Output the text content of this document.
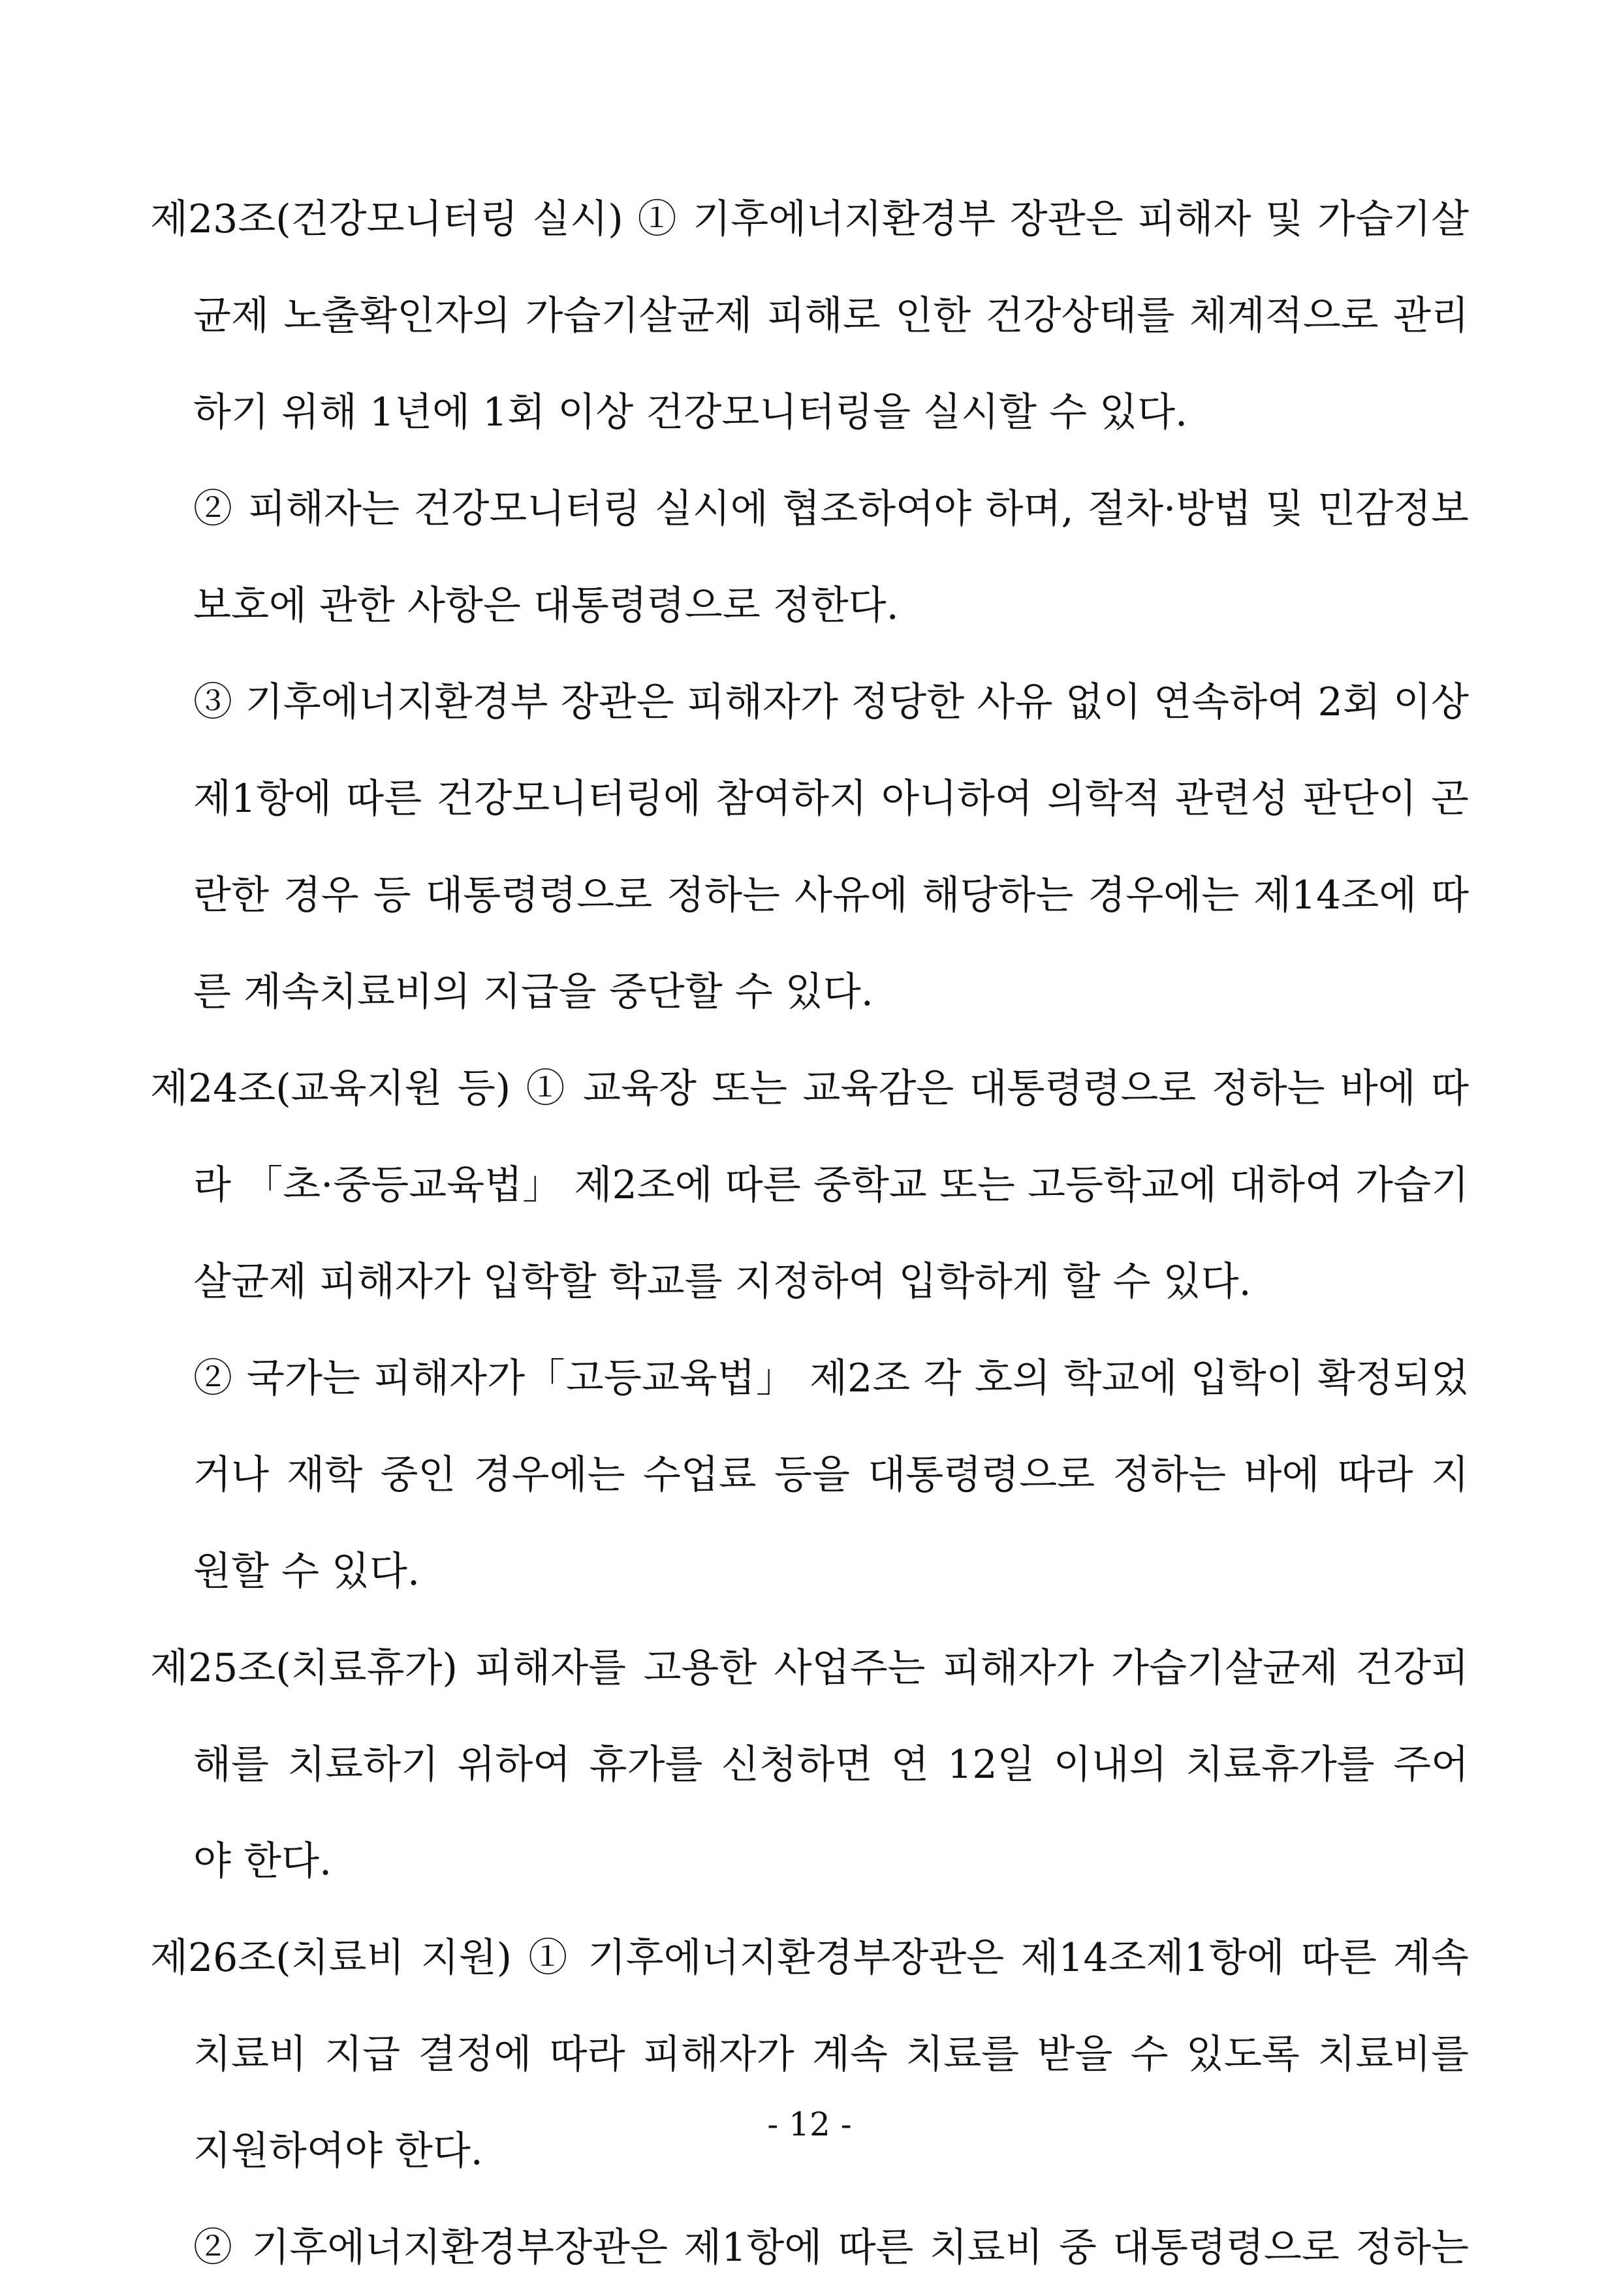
제23조(건강모니터링 실시) ① 기후에너지환경부 장관은 피해자 및 가습기살
균제 노출확인자의 가습기살균제 피해로 인한 건강상태를 체계적으로 관리
하기 위해 1년에 1회 이상 건강모니터링을 실시할 수 있다.
② 피해자는 건강모니터링 실시에 협조하여야 하며, 절차·방법 및 민감정보
보호에 관한 사항은 대통령령으로 정한다.
③ 기후에너지환경부 장관은 피해자가 정당한 사유 없이 연속하여 2회 이상
제1항에 따른 건강모니터링에 참여하지 아니하여 의학적 관련성 판단이 곤
란한 경우 등 대통령령으로 정하는 사유에 해당하는 경우에는 제14조에 따
른 계속치료비의 지급을 중단할 수 있다.
제24조(교육지원 등) ① 교육장 또는 교육감은 대통령령으로 정하는 바에 따
라 「초·중등교육법」 제2조에 따른 중학교 또는 고등학교에 대하여 가습기
살균제 피해자가 입학할 학교를 지정하여 입학하게 할 수 있다.
② 국가는 피해자가「고등교육법」 제2조 각 호의 학교에 입학이 확정되었
거나 재학 중인 경우에는 수업료 등을 대통령령으로 정하는 바에 따라 지
원할 수 있다.
제25조(치료휴가) 피해자를 고용한 사업주는 피해자가 가습기살균제 건강피
해를 치료하기 위하여 휴가를 신청하면 연 12일 이내의 치료휴가를 주어
야 한다.
제26조(치료비 지원) ① 기후에너지환경부장관은 제14조제1항에 따른 계속
치료비 지급 결정에 따라 피해자가 계속 치료를 받을 수 있도록 치료비를
지원하여야 한다.
② 기후에너지환경부장관은 제1항에 따른 치료비 중 대통령령으로 정하는
- 12 -
